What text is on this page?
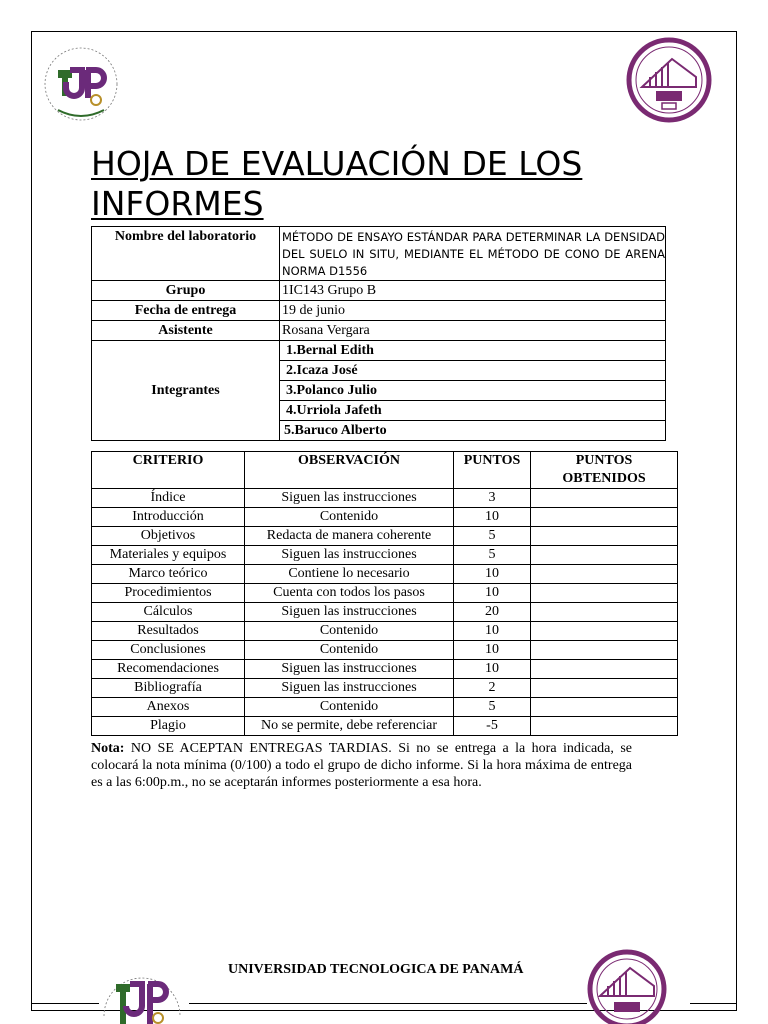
HOJA DE EVALUACIÓN DE LOS INFORMES
Nombre del laboratorio	MÉTODO DE ENSAYO ESTÁNDAR PARA DETERMINAR LA DENSIDAD DEL SUELO IN SITU, MEDIANTE EL MÉTODO DE CONO DE ARENA NORMA D1556
Grupo	1IC143 Grupo B
Fecha de entrega	19 de junio
Asistente	Rosana Vergara
Integrantes	1.Bernal Edith
	2.Icaza José
	3.Polanco Julio
	4.Urriola Jafeth
	5.Baruco Alberto
CRITERIO	OBSERVACIÓN	PUNTOS	PUNTOS OBTENIDOS
Índice	Siguen las instrucciones	3	
Introducción	Contenido	10	
Objetivos	Redacta de manera coherente	5	
Materiales y equipos	Siguen las instrucciones	5	
Marco teórico	Contiene lo necesario	10	
Procedimientos	Cuenta con todos los pasos	10	
Cálculos	Siguen las instrucciones	20	
Resultados	Contenido	10	
Conclusiones	Contenido	10	
Recomendaciones	Siguen las instrucciones	10	
Bibliografía	Siguen las instrucciones	2	
Anexos	Contenido	5	
Plagio	No se permite, debe referenciar	-5	

Nota: NO SE ACEPTAN ENTREGAS TARDIAS. Si no se entrega a la hora indicada, se colocará la nota mínima (0/100) a todo el grupo de dicho informe. Si la hora máxima de entrega es a las 6:00p.m., no se aceptarán informes posteriormente a esa hora.

UNIVERSIDAD TECNOLOGICA DE PANAMÁ
